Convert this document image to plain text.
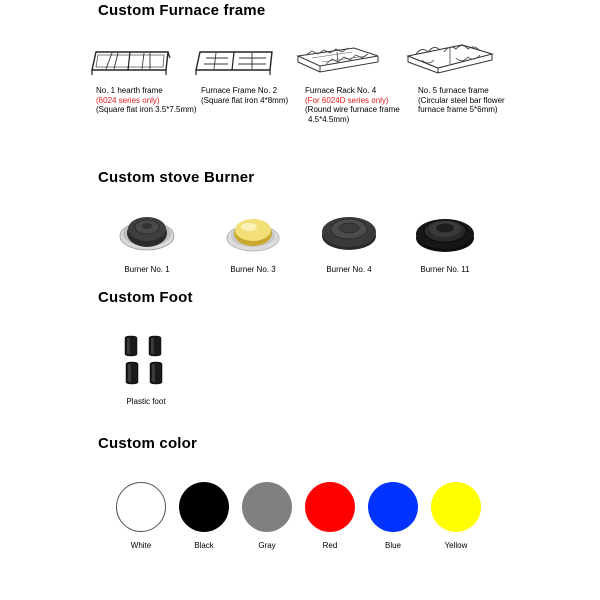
Custom Furnace frame
No. 1 hearth frame
(6024 series only)
(Square flat iron 3.5*7.5mm)
Furnace Frame No. 2
(Square flat iron 4*8mm)
Furnace Rack No. 4
(For 6024D series only)
(Round wire furnace frame
4.5*4.5mm)
No. 5 furnace frame
(Circular steel bar flower
furnace frame 5*6mm)
Custom stove Burner
Burner No. 1	Burner No. 3	Burner No. 4	Burner No. 11
Custom Foot
Plastic foot
Custom color
White	Black	Gray	Red	Blue	Yellow
